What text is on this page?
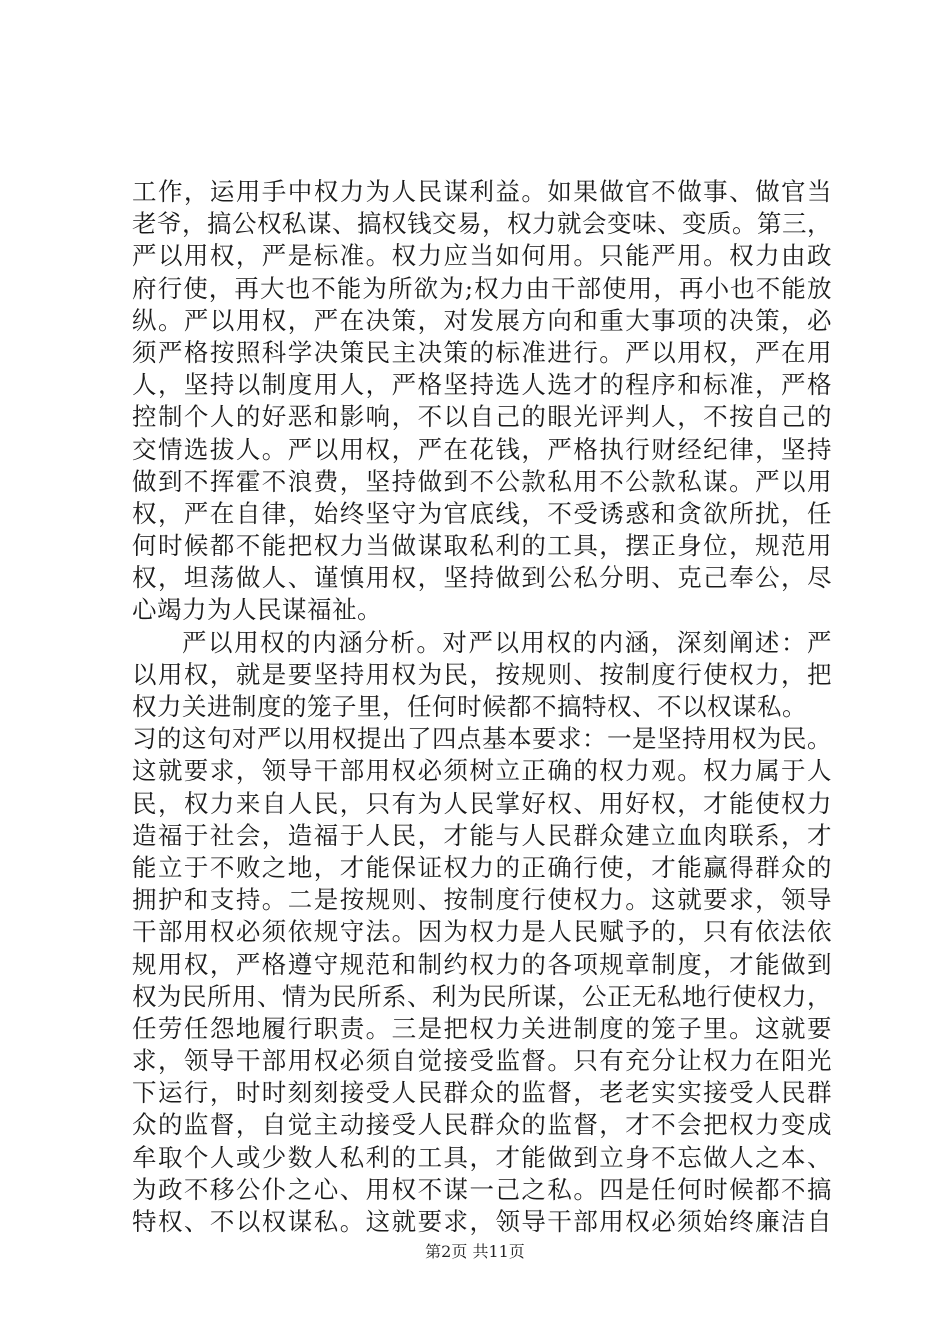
工作，运用手中权力为人民谋利益。如果做官不做事、做官当
老爷，搞公权私谋、搞权钱交易，权力就会变味、变质。第三，
严以用权，严是标准。权力应当如何用。只能严用。权力由政
府行使，再大也不能为所欲为;权力由干部使用，再小也不能放
纵。严以用权，严在决策，对发展方向和重大事项的决策，必
须严格按照科学决策民主决策的标准进行。严以用权，严在用
人，坚持以制度用人，严格坚持选人选才的程序和标准，严格
控制个人的好恶和影响，不以自己的眼光评判人，不按自己的
交情选拔人。严以用权，严在花钱，严格执行财经纪律，坚持
做到不挥霍不浪费，坚持做到不公款私用不公款私谋。严以用
权，严在自律，始终坚守为官底线，不受诱惑和贪欲所扰，任
何时候都不能把权力当做谋取私利的工具，摆正身位，规范用
权，坦荡做人、谨慎用权，坚持做到公私分明、克己奉公，尽
心竭力为人民谋福祉。
严以用权的内涵分析。对严以用权的内涵，深刻阐述：严
以用权，就是要坚持用权为民，按规则、按制度行使权力，把
权力关进制度的笼子里，任何时候都不搞特权、不以权谋私。
习的这句对严以用权提出了四点基本要求：一是坚持用权为民。
这就要求，领导干部用权必须树立正确的权力观。权力属于人
民，权力来自人民，只有为人民掌好权、用好权，才能使权力
造福于社会，造福于人民，才能与人民群众建立血肉联系，才
能立于不败之地，才能保证权力的正确行使，才能赢得群众的
拥护和支持。二是按规则、按制度行使权力。这就要求，领导
干部用权必须依规守法。因为权力是人民赋予的，只有依法依
规用权，严格遵守规范和制约权力的各项规章制度，才能做到
权为民所用、情为民所系、利为民所谋，公正无私地行使权力，
任劳任怨地履行职责。三是把权力关进制度的笼子里。这就要
求，领导干部用权必须自觉接受监督。只有充分让权力在阳光
下运行，时时刻刻接受人民群众的监督，老老实实接受人民群
众的监督，自觉主动接受人民群众的监督，才不会把权力变成
牟取个人或少数人私利的工具，才能做到立身不忘做人之本、
为政不移公仆之心、用权不谋一己之私。四是任何时候都不搞
特权、不以权谋私。这就要求，领导干部用权必须始终廉洁自
第2页 共11页
